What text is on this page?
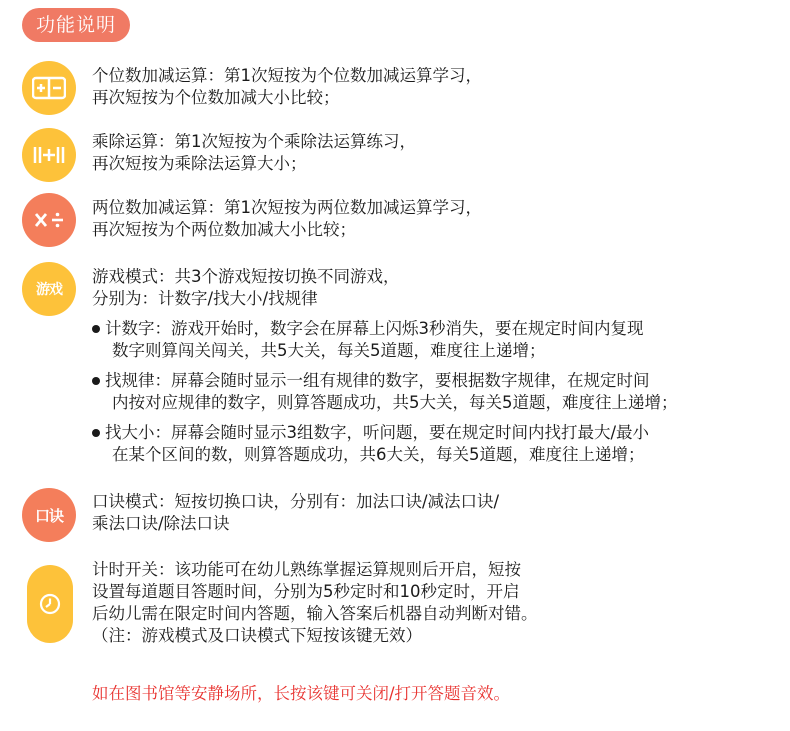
功能说明
个位数加减运算：第1次短按为个位数加减运算学习，
再次短按为个位数加减大小比较；
乘除运算：第1次短按为个乘除法运算练习，
再次短按为乘除法运算大小；
两位数加减运算：第1次短按为两位数加减运算学习，
再次短按为个两位数加减大小比较；
游戏
游戏模式：共3个游戏短按切换不同游戏，
分别为：计数字/找大小/找规律
计数字：游戏开始时，数字会在屏幕上闪烁3秒消失，要在规定时间内复现
数字则算闯关闯关，共5大关，每关5道题，难度往上递增；
找规律：屏幕会随时显示一组有规律的数字，要根据数字规律，在规定时间
内按对应规律的数字，则算答题成功，共5大关，每关5道题，难度往上递增；
找大小：屏幕会随时显示3组数字，听问题，要在规定时间内找打最大/最小
在某个区间的数，则算答题成功，共6大关，每关5道题，难度往上递增；
口诀
口诀模式：短按切换口诀，分别有：加法口诀/减法口诀/
乘法口诀/除法口诀
计时开关：该功能可在幼儿熟练掌握运算规则后开启，短按
设置每道题目答题时间，分别为5秒定时和10秒定时，开启
后幼儿需在限定时间内答题，输入答案后机器自动判断对错。
（注：游戏模式及口诀模式下短按该键无效）
如在图书馆等安静场所，长按该键可关闭/打开答题音效。
